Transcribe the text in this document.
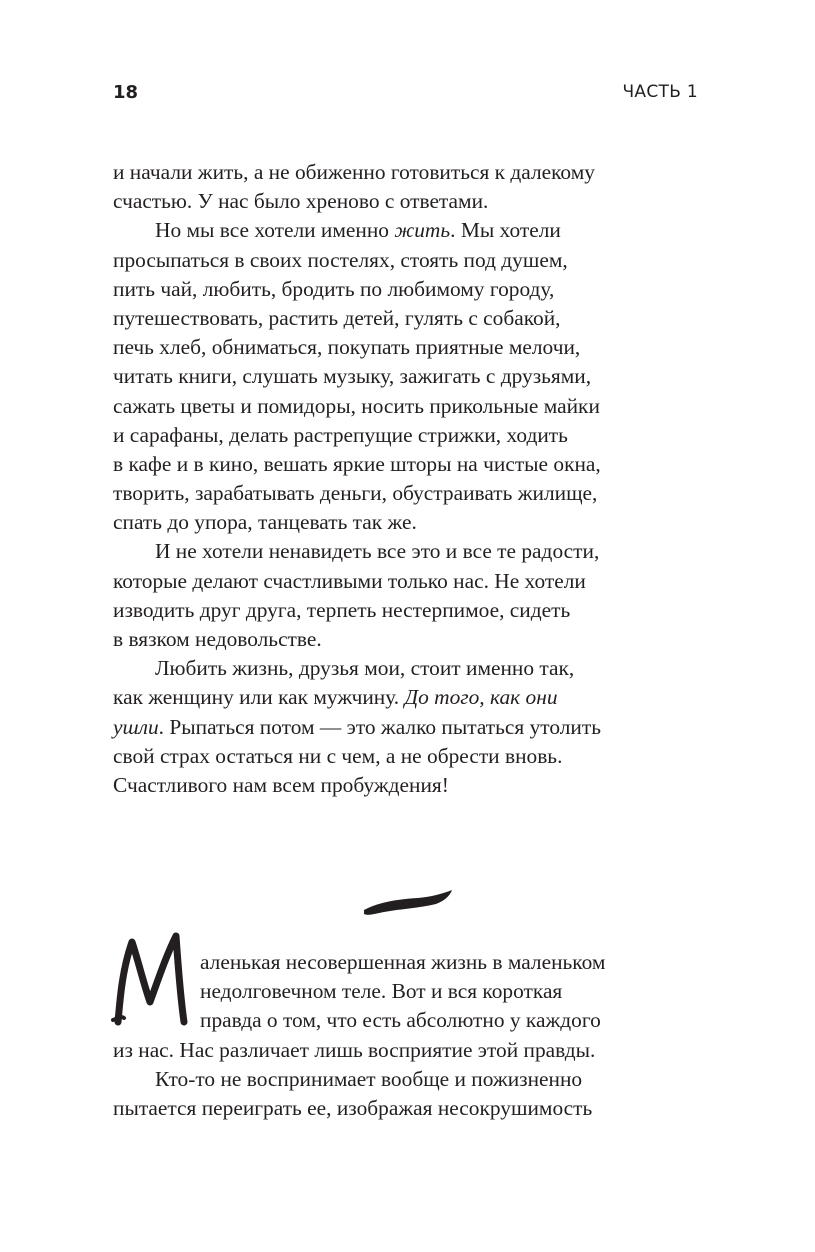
18	ЧАСТЬ 1
и начали жить, а не обиженно готовиться к далекому
счастью. У нас было хреново с ответами.
Но мы все хотели именно жить. Мы хотели
просыпаться в своих постелях, стоять под душем,
пить чай, любить, бродить по любимому городу,
путешествовать, растить детей, гулять с собакой,
печь хлеб, обниматься, покупать приятные мелочи,
читать книги, слушать музыку, зажигать с друзьями,
сажать цветы и помидоры, носить прикольные майки
и сарафаны, делать растрепущие стрижки, ходить
в кафе и в кино, вешать яркие шторы на чистые окна,
творить, зарабатывать деньги, обустраивать жилище,
спать до упора, танцевать так же.
И не хотели ненавидеть все это и все те радости,
которые делают счастливыми только нас. Не хотели
изводить друг друга, терпеть нестерпимое, сидеть
в вязком недовольстве.
Любить жизнь, друзья мои, стоит именно так,
как женщину или как мужчину. До того, как они
ушли. Рыпаться потом — это жалко пытаться утолить
свой страх остаться ни с чем, а не обрести вновь.
Счастливого нам всем пробуждения!
аленькая несовершенная жизнь в маленьком
недолговечном теле. Вот и вся короткая
правда о том, что есть абсолютно у каждого
из нас. Нас различает лишь восприятие этой правды.
Кто-то не воспринимает вообще и пожизненно
пытается переиграть ее, изображая несокрушимость
